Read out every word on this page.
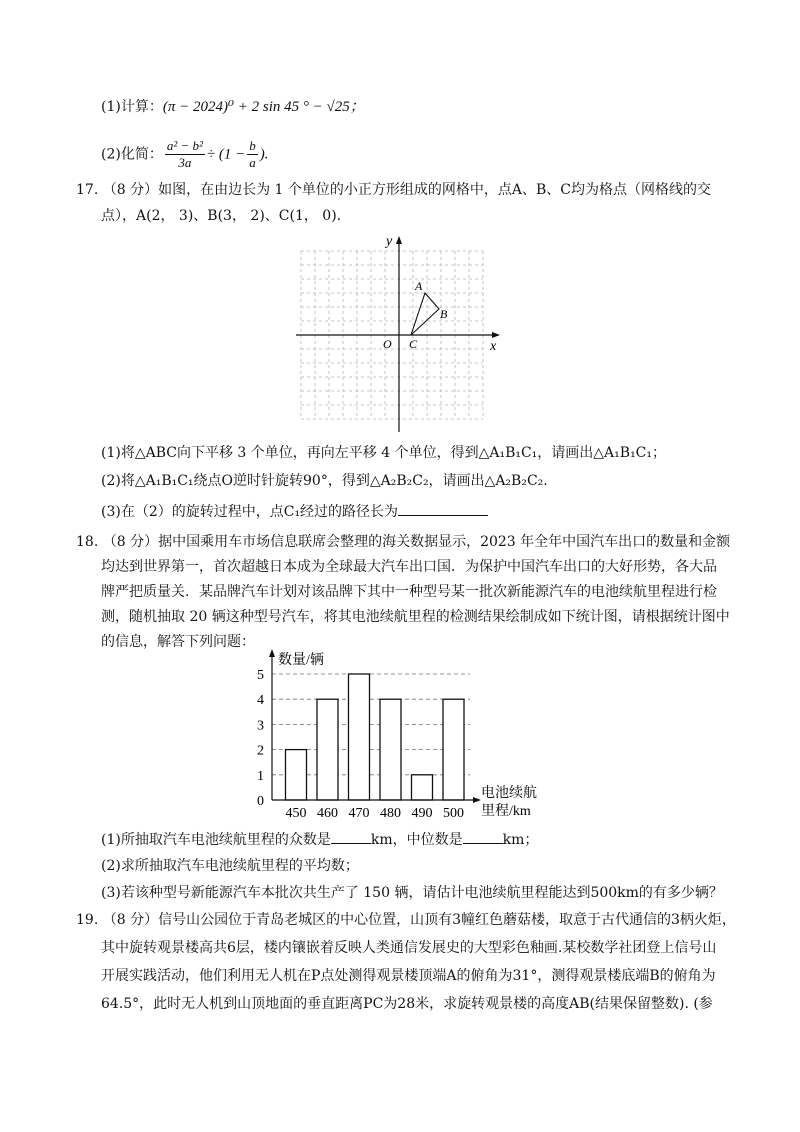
(1)计算：(π − 2024)⁰ + 2 sin 45 ° − √25；
(2)化简： $\frac{\text{a² − b²}}{3a} \div (1 - \frac{b}{a}$ ).
17. （8 分）如图，在由边长为 1 个单位的小正方形组成的网格中，点A、B、C均为格点（网格线的交
点），A(2， 3)、B(3， 2)、C(1， 0).
x
y
O
A
B
C
(1)将△ABC向下平移 3 个单位，再向左平移 4 个单位，得到△A₁B₁C₁，请画出△A₁B₁C₁；
(2)将△A₁B₁C₁绕点O逆时针旋转90°，得到△A₂B₂C₂，请画出△A₂B₂C₂.
(3)在（2）的旋转过程中，点C₁经过的路径长为
18. （8 分）据中国乘用车市场信息联席会整理的海关数据显示，2023 年全年中国汽车出口的数量和金额
均达到世界第一，首次超越日本成为全球最大汽车出口国．为保护中国汽车出口的大好形势，各大品
牌严把质量关．某品牌汽车计划对该品牌下其中一种型号某一批次新能源汽车的电池续航里程进行检
测，随机抽取 20 辆这种型号汽车，将其电池续航里程的检测结果绘制成如下统计图，请根据统计图中
的信息，解答下列问题：
0
1
2
3
4
5
450 460 470 480 490 500
数量/辆
电池续航
里程/km
(1)所抽取汽车电池续航里程的众数是	km，中位数是	km；
(2)求所抽取汽车电池续航里程的平均数；
(3)若该种型号新能源汽车本批次共生产了 150 辆，请估计电池续航里程能达到500km的有多少辆？
19. （8 分）信号山公园位于青岛老城区的中心位置，山顶有3幢红色蘑菇楼，取意于古代通信的3柄火炬，
其中旋转观景楼高共6层，楼内镶嵌着反映人类通信发展史的大型彩色釉画.某校数学社团登上信号山
开展实践活动，他们利用无人机在P点处测得观景楼顶端A的俯角为31°，测得观景楼底端B的俯角为
64.5°，此时无人机到山顶地面的垂直距离PC为28米，求旋转观景楼的高度AB(结果保留整数). (参
